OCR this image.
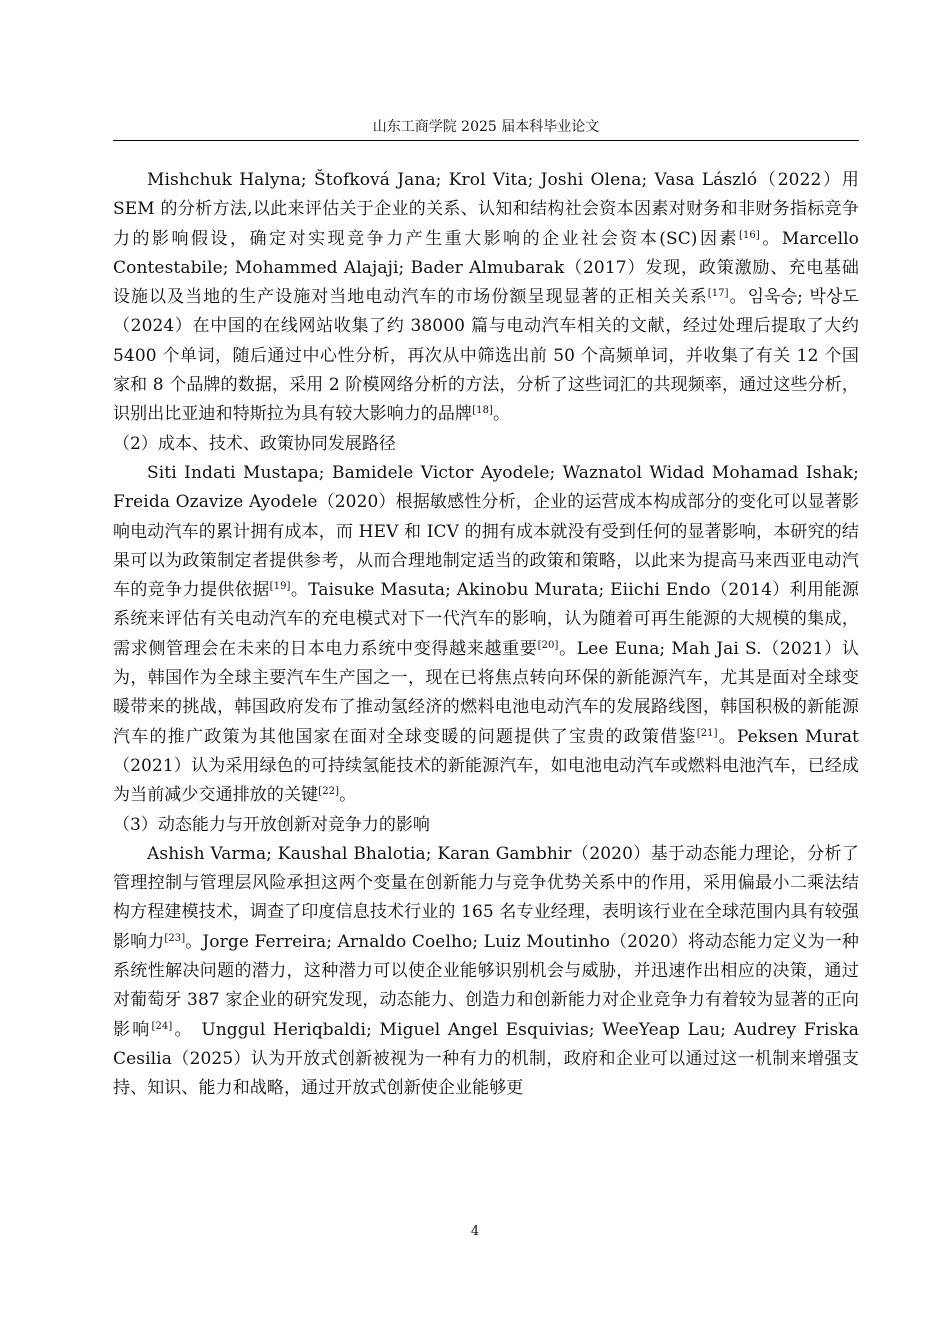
山东工商学院 2025 届本科毕业论文

Mishchuk Halyna; Štofková Jana; Krol Vita; Joshi Olena; Vasa László（2022）用 SEM 的分析方法,以此来评估关于企业的关系、认知和结构社会资本因素对财务和非财务指标竞争力的影响假设，确定对实现竞争力产生重大影响的企业社会资本(SC)因素[16]。Marcello Contestabile; Mohammed Alajaji; Bader Almubarak（2017）发现，政策激励、充电基础设施以及当地的生产设施对当地电动汽车的市场份额呈现显著的正相关关系[17]。임욱승; 박상도（2024）在中国的在线网站收集了约 38000 篇与电动汽车相关的文献，经过处理后提取了大约 5400 个单词，随后通过中心性分析，再次从中筛选出前 50 个高频单词，并收集了有关 12 个国家和 8 个品牌的数据，采用 2 阶模网络分析的方法，分析了这些词汇的共现频率，通过这些分析，识别出比亚迪和特斯拉为具有较大影响力的品牌[18]。

（2）成本、技术、政策协同发展路径

Siti Indati Mustapa; Bamidele Victor Ayodele; Waznatol Widad Mohamad Ishak; Freida Ozavize Ayodele（2020）根据敏感性分析，企业的运营成本构成部分的变化可以显著影响电动汽车的累计拥有成本，而 HEV 和 ICV 的拥有成本就没有受到任何的显著影响，本研究的结果可以为政策制定者提供参考，从而合理地制定适当的政策和策略，以此来为提高马来西亚电动汽车的竞争力提供依据[19]。Taisuke Masuta; Akinobu Murata; Eiichi Endo（2014）利用能源系统来评估有关电动汽车的充电模式对下一代汽车的影响，认为随着可再生能源的大规模的集成，需求侧管理会在未来的日本电力系统中变得越来越重要[20]。Lee Euna; Mah Jai S.（2021）认为，韩国作为全球主要汽车生产国之一，现在已将焦点转向环保的新能源汽车，尤其是面对全球变暖带来的挑战，韩国政府发布了推动氢经济的燃料电池电动汽车的发展路线图，韩国积极的新能源汽车的推广政策为其他国家在面对全球变暖的问题提供了宝贵的政策借鉴[21]。Peksen Murat（2021）认为采用绿色的可持续氢能技术的新能源汽车，如电池电动汽车或燃料电池汽车，已经成为当前减少交通排放的关键[22]。

（3）动态能力与开放创新对竞争力的影响

Ashish Varma; Kaushal Bhalotia; Karan Gambhir（2020）基于动态能力理论，分析了管理控制与管理层风险承担这两个变量在创新能力与竞争优势关系中的作用，采用偏最小二乘法结构方程建模技术，调查了印度信息技术行业的 165 名专业经理，表明该行业在全球范围内具有较强影响力[23]。Jorge Ferreira; Arnaldo Coelho; Luiz Moutinho（2020）将动态能力定义为一种系统性解决问题的潜力，这种潜力可以使企业能够识别机会与威胁，并迅速作出相应的决策，通过对葡萄牙 387 家企业的研究发现，动态能力、创造力和创新能力对企业竞争力有着较为显著的正向影响[24]。 Unggul Heriqbaldi; Miguel Angel Esquivias; WeeYeap Lau; Audrey Friska Cesilia（2025）认为开放式创新被视为一种有力的机制，政府和企业可以通过这一机制来增强支持、知识、能力和战略，通过开放式创新使企业能够更

4
